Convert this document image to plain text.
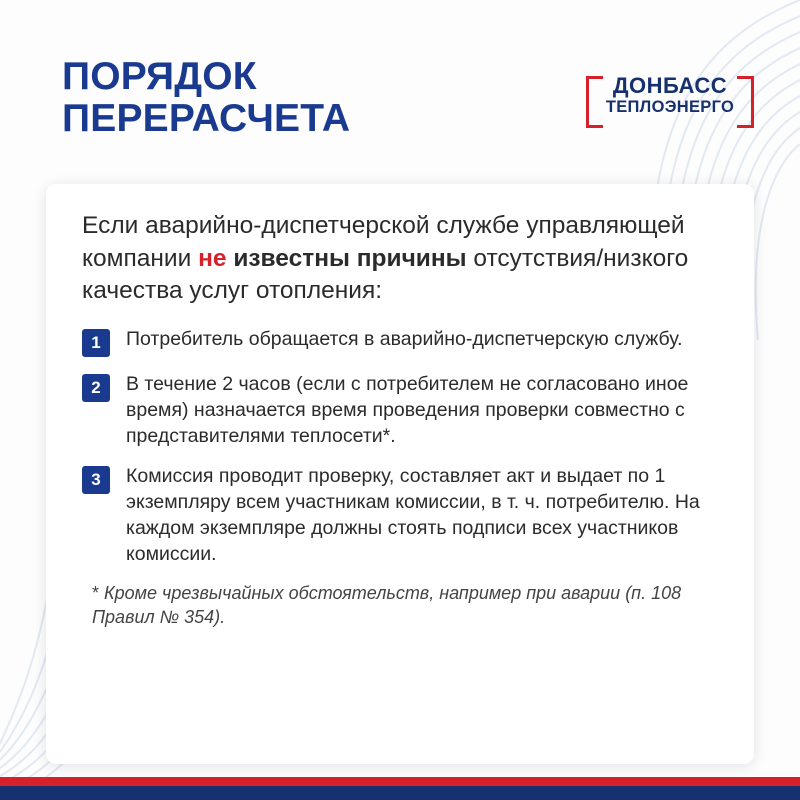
ПОРЯДОК
ПЕРЕРАСЧЕТА
ДОНБАСС
ТЕПЛОЭНЕРГО

Если аварийно-диспетчерской службе управляющей компании не известны причины отсутствия/низкого качества услуг отопления:

1	Потребитель обращается в аварийно-диспетчерскую службу.
2	В течение 2 часов (если с потребителем не согласовано иное время) назначается время проведения проверки совместно с представителями теплосети*.
3	Комиссия проводит проверку, составляет акт и выдает по 1 экземпляру всем участникам комиссии, в т. ч. потребителю. На каждом экземпляре должны стоять подписи всех участников комиссии.

* Кроме чрезвычайных обстоятельств, например при аварии (п. 108 Правил № 354).
